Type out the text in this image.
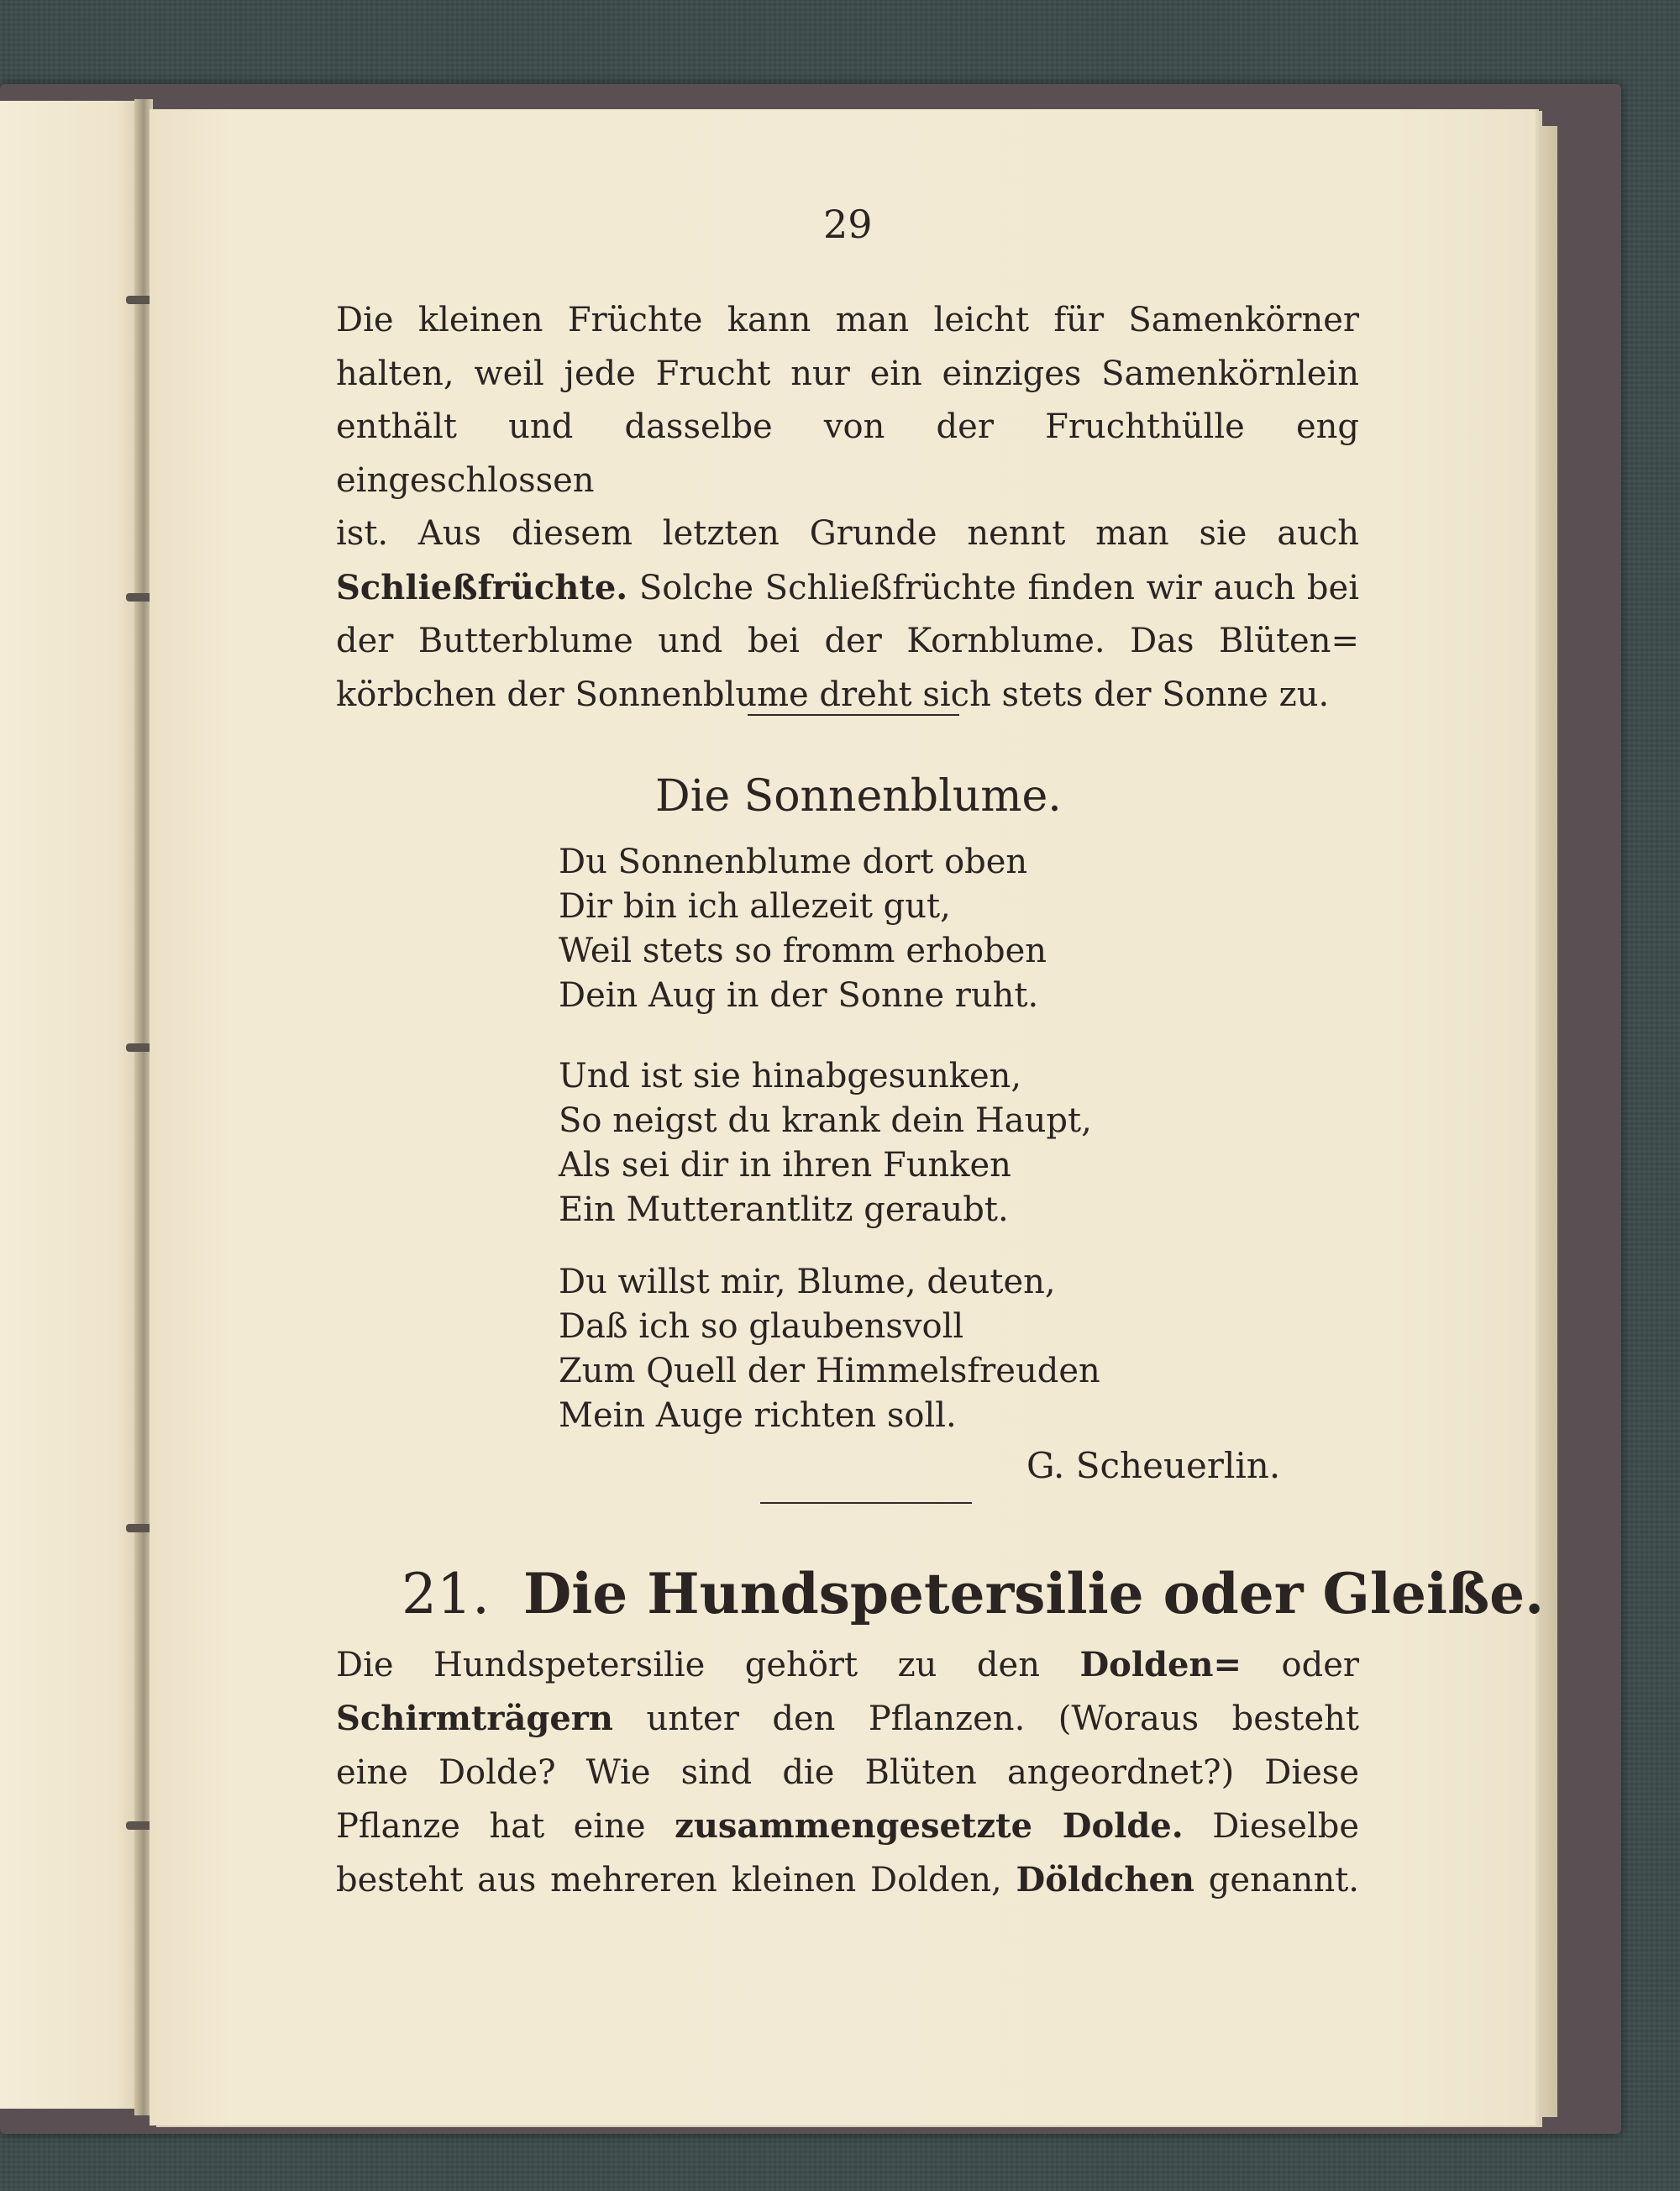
29
Die kleinen Früchte kann man leicht für Samenkörner
halten, weil jede Frucht nur ein einziges Samenkörnlein
enthält und dasselbe von der Fruchthülle eng eingeschlossen
ist. Aus diesem letzten Grunde nennt man sie auch
Schließfrüchte. Solche Schließfrüchte finden wir auch bei
der Butterblume und bei der Kornblume. Das Blüten=
körbchen der Sonnenblume dreht sich stets der Sonne zu.
Die Sonnenblume.
Du Sonnenblume dort oben
Dir bin ich allezeit gut,
Weil stets so fromm erhoben
Dein Aug in der Sonne ruht.
Und ist sie hinabgesunken,
So neigst du krank dein Haupt,
Als sei dir in ihren Funken
Ein Mutterantlitz geraubt.
Du willst mir, Blume, deuten,
Daß ich so glaubensvoll
Zum Quell der Himmelsfreuden
Mein Auge richten soll.
G. Scheuerlin.
21. Die Hundspetersilie oder Gleiße.
Die Hundspetersilie gehört zu den Dolden= oder
Schirmträgern unter den Pflanzen. (Woraus besteht
eine Dolde? Wie sind die Blüten angeordnet?) Diese
Pflanze hat eine zusammengesetzte Dolde. Dieselbe
besteht aus mehreren kleinen Dolden, Döldchen genannt.
